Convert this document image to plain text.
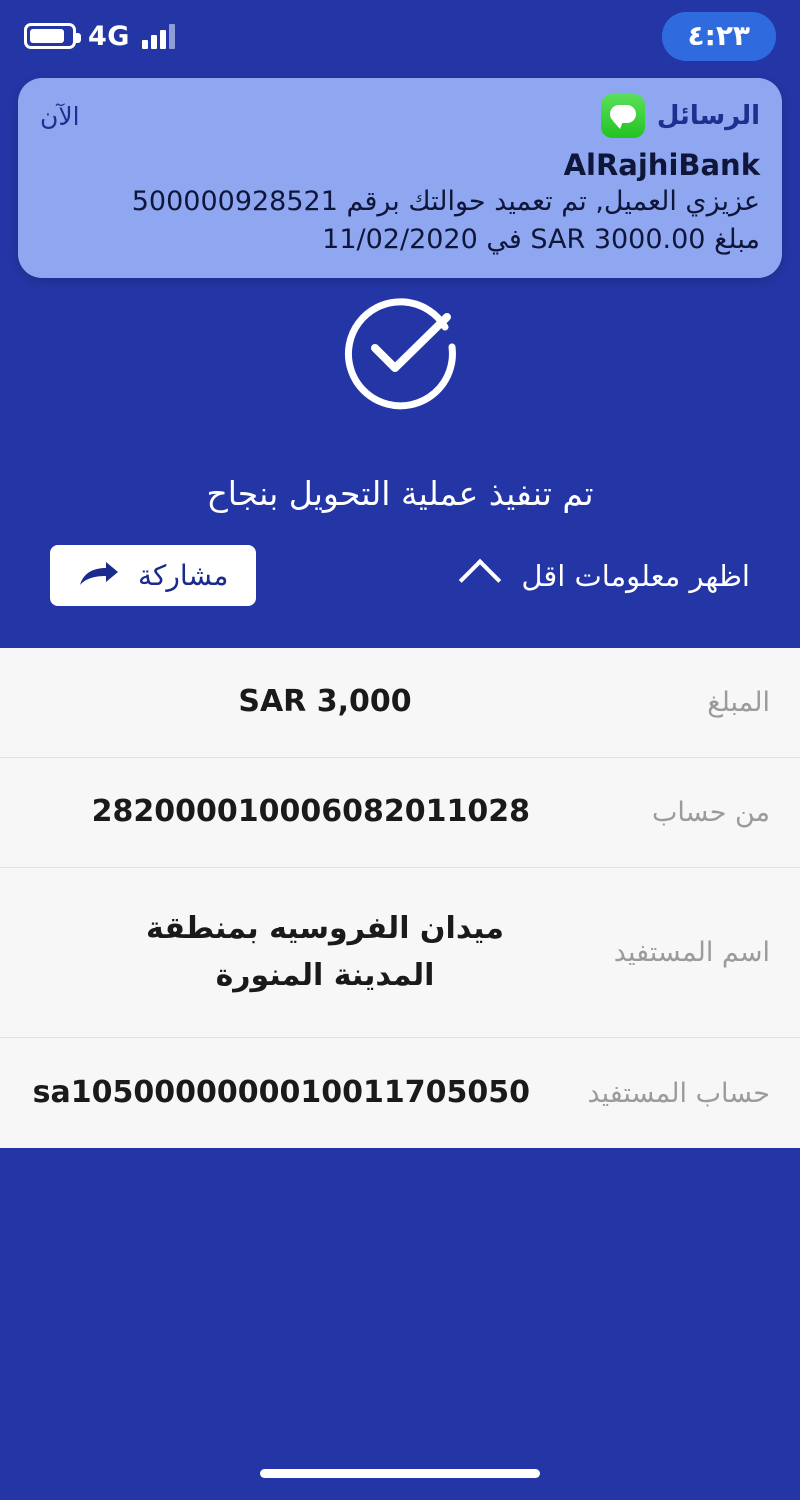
4G	٤:٢٣
الرسائل
الآن
AlRajhiBank
عزيزي العميل, تم تعميد حوالتك برقم 500000928521
مبلغ SAR 3000.00 في 11/02/2020
تم تنفيذ عملية التحويل بنجاح
اظهر معلومات اقل
مشاركة
المبلغ
SAR 3,000
من حساب
282000010006082011028
اسم المستفيد
ميدان الفروسيه بمنطقة المدينة المنورة
حساب المستفيد
sa1050000000010011705050
